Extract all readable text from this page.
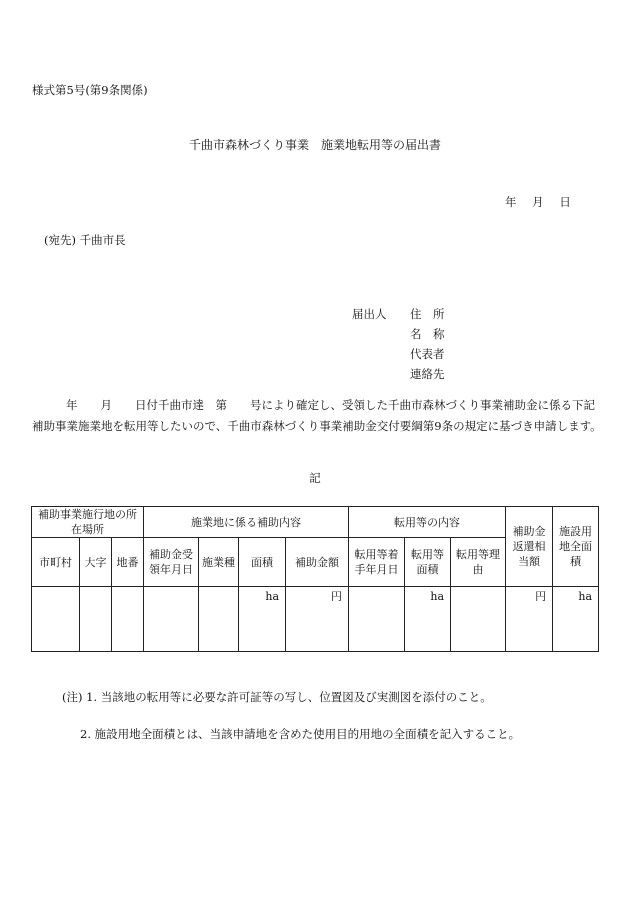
様式第5号(第9条関係)
千曲市森林づくり事業　施業地転用等の届出書
年 月 日
(宛先) 千曲市長
届出人 住　所
名　称
代表者
連絡先
年　　月　　日付千曲市達　第　　号により確定し、受領した千曲市森林づくり事業補助金に係る下記
補助事業施業地を転用等したいので、千曲市森林づくり事業補助金交付要綱第9条の規定に基づき申請します。
記
補助事業施行地の所在場所			施業地に係る補助内容				転用等の内容			補助金返還相当額	施設用地全面積
市町村	大字	地番	補助金受領年月日	施業種	面積	補助金額	転用等着手年月日	転用等面積	転用等理由		
					ha	円		ha		円	ha
(注) 1. 当該地の転用等に必要な許可証等の写し、位置図及び実測図を添付のこと。
2. 施設用地全面積とは、当該申請地を含めた使用目的用地の全面積を記入すること。
